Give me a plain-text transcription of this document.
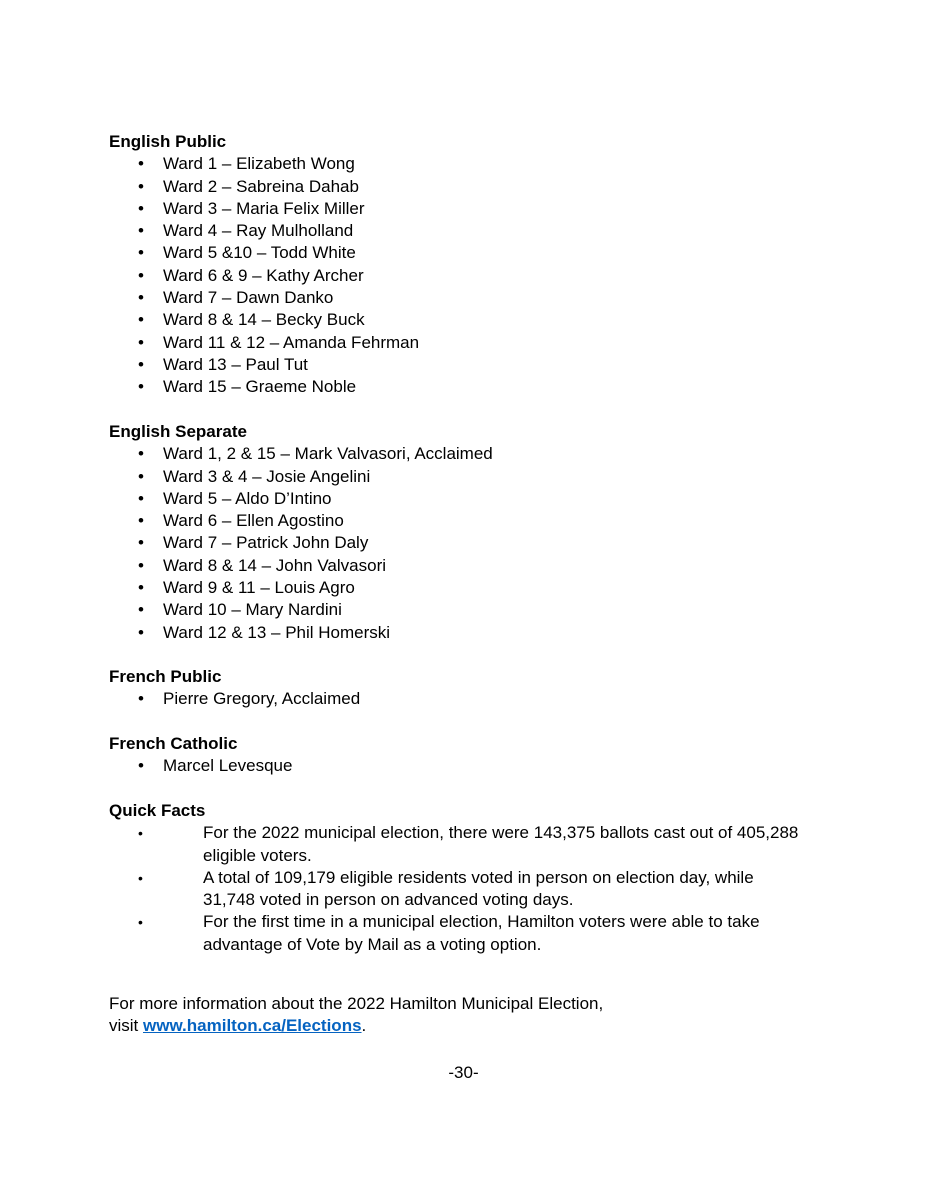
English Public
• Ward 1 – Elizabeth Wong
• Ward 2 – Sabreina Dahab
• Ward 3 – Maria Felix Miller
• Ward 4 – Ray Mulholland
• Ward 5 &10 – Todd White
• Ward 6 & 9 – Kathy Archer
• Ward 7 – Dawn Danko
• Ward 8 & 14 – Becky Buck
• Ward 11 & 12 – Amanda Fehrman
• Ward 13 – Paul Tut
• Ward 15 – Graeme Noble
English Separate
• Ward 1, 2 & 15 – Mark Valvasori, Acclaimed
• Ward 3 & 4 – Josie Angelini
• Ward 5 – Aldo D’Intino
• Ward 6 – Ellen Agostino
• Ward 7 – Patrick John Daly
• Ward 8 & 14 – John Valvasori
• Ward 9 & 11 – Louis Agro
• Ward 10 – Mary Nardini
• Ward 12 & 13 – Phil Homerski
French Public
• Pierre Gregory, Acclaimed
French Catholic
• Marcel Levesque
Quick Facts
•	For the 2022 municipal election, there were 143,375 ballots cast out of 405,288 eligible voters.
•	A total of 109,179 eligible residents voted in person on election day, while 31,748 voted in person on advanced voting days.
•	For the first time in a municipal election, Hamilton voters were able to take advantage of Vote by Mail as a voting option.
For more information about the 2022 Hamilton Municipal Election,
visit www.hamilton.ca/Elections.
-30-
